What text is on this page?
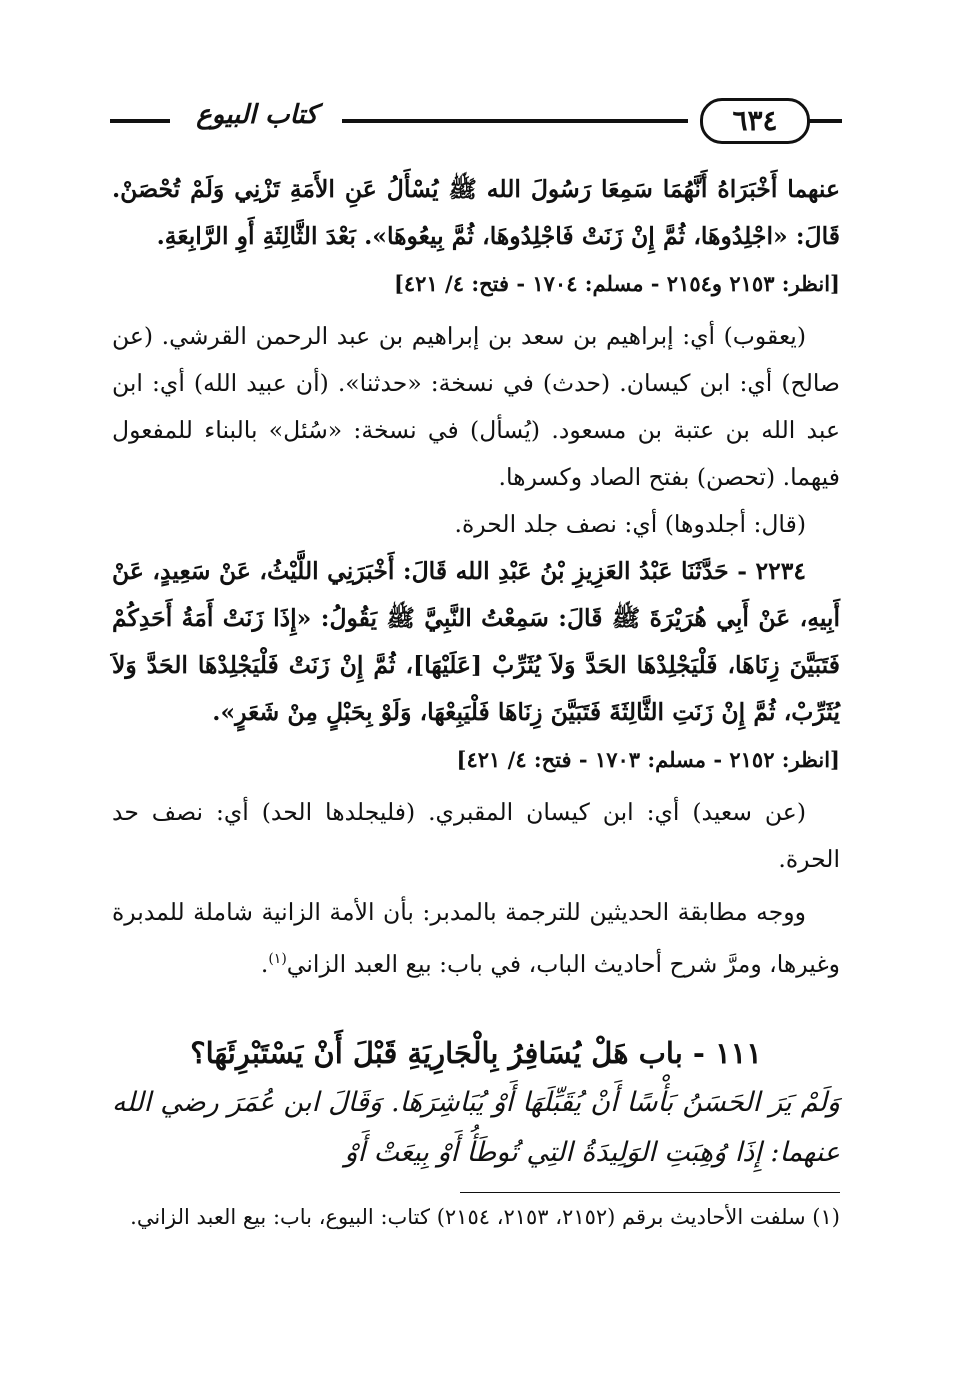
كتاب البيوع	٦٣٤

عنهما أَخْبَرَاهُ أَنَّهُمَا سَمِعَا رَسُولَ الله ﷺ يُسْأَلُ عَنِ الأَمَةِ تَزْنِي وَلَمْ تُحْصَنْ. قَالَ: «اجْلِدُوهَا، ثُمَّ إِنْ زَنَتْ فَاجْلِدُوهَا، ثُمَّ بِيعُوهَا». بَعْدَ الثَّالِثَةِ أَوِ الرَّابِعَةِ.

[انظر: ٢١٥٣ و٢١٥٤ - مسلم: ١٧٠٤ - فتح: ٤/ ٤٢١]

(يعقوب) أي: إبراهيم بن سعد بن إبراهيم بن عبد الرحمن القرشي. (عن صالح) أي: ابن كيسان. (حدث) في نسخة: «حدثنا». (أن عبيد الله) أي: ابن عبد الله بن عتبة بن مسعود. (يُسأل) في نسخة: «سُئل» بالبناء للمفعول فيهما. (تحصن) بفتح الصاد وكسرها.

(قال: أجلدوها) أي: نصف جلد الحرة.

٢٢٣٤ - حَدَّثَنَا عَبْدُ العَزِيزِ بْنُ عَبْدِ الله قَالَ: أَخْبَرَنِي اللَّيْثُ، عَنْ سَعِيدٍ، عَنْ أَبِيهِ، عَنْ أَبِي هُرَيْرَةَ ﷺ قَالَ: سَمِعْتُ النَّبِيَّ ﷺ يَقُولُ: «إِذَا زَنَتْ أَمَةُ أَحَدِكُمْ فَتَبَيَّنَ زِنَاهَا، فَلْيَجْلِدْهَا الحَدَّ وَلاَ يُثَرِّبْ [عَلَيْهَا]، ثُمَّ إِنْ زَنَتْ فَلْيَجْلِدْهَا الحَدَّ وَلاَ يُثَرِّبْ، ثُمَّ إِنْ زَنَتِ الثَّالِثَةَ فَتَبَيَّنَ زِنَاهَا فَلْيَبِعْهَا، وَلَوْ بِحَبْلٍ مِنْ شَعَرٍ».

[انظر: ٢١٥٢ - مسلم: ١٧٠٣ - فتح: ٤/ ٤٢١]

(عن سعيد) أي: ابن كيسان المقبري. (فليجلدها الحد) أي: نصف حد الحرة.

ووجه مطابقة الحديثين للترجمة بالمدبر: بأن الأمة الزانية شاملة للمدبرة وغيرها، ومرَّ شرح أحاديث الباب، في باب: بيع العبد الزاني$^{(١)}$.

١١١ - باب هَلْ يُسَافِرُ بِالْجَارِيَةِ قَبْلَ أَنْ يَسْتَبْرِئَهَا؟

وَلَمْ يَرَ الحَسَنُ بَأْسًا أَنْ يُقَبِّلَهَا أَوْ يُبَاشِرَهَا. وَقَالَ ابن عُمَرَ رضي الله عنهما: إِذَا وُهِبَتِ الوَلِيدَةُ التِي تُوطَأُ أَوْ بِيعَتْ أَوْ

(١) سلفت الأحاديث برقم (٢١٥٢، ٢١٥٣، ٢١٥٤) كتاب: البيوع، باب: بيع العبد الزاني.
